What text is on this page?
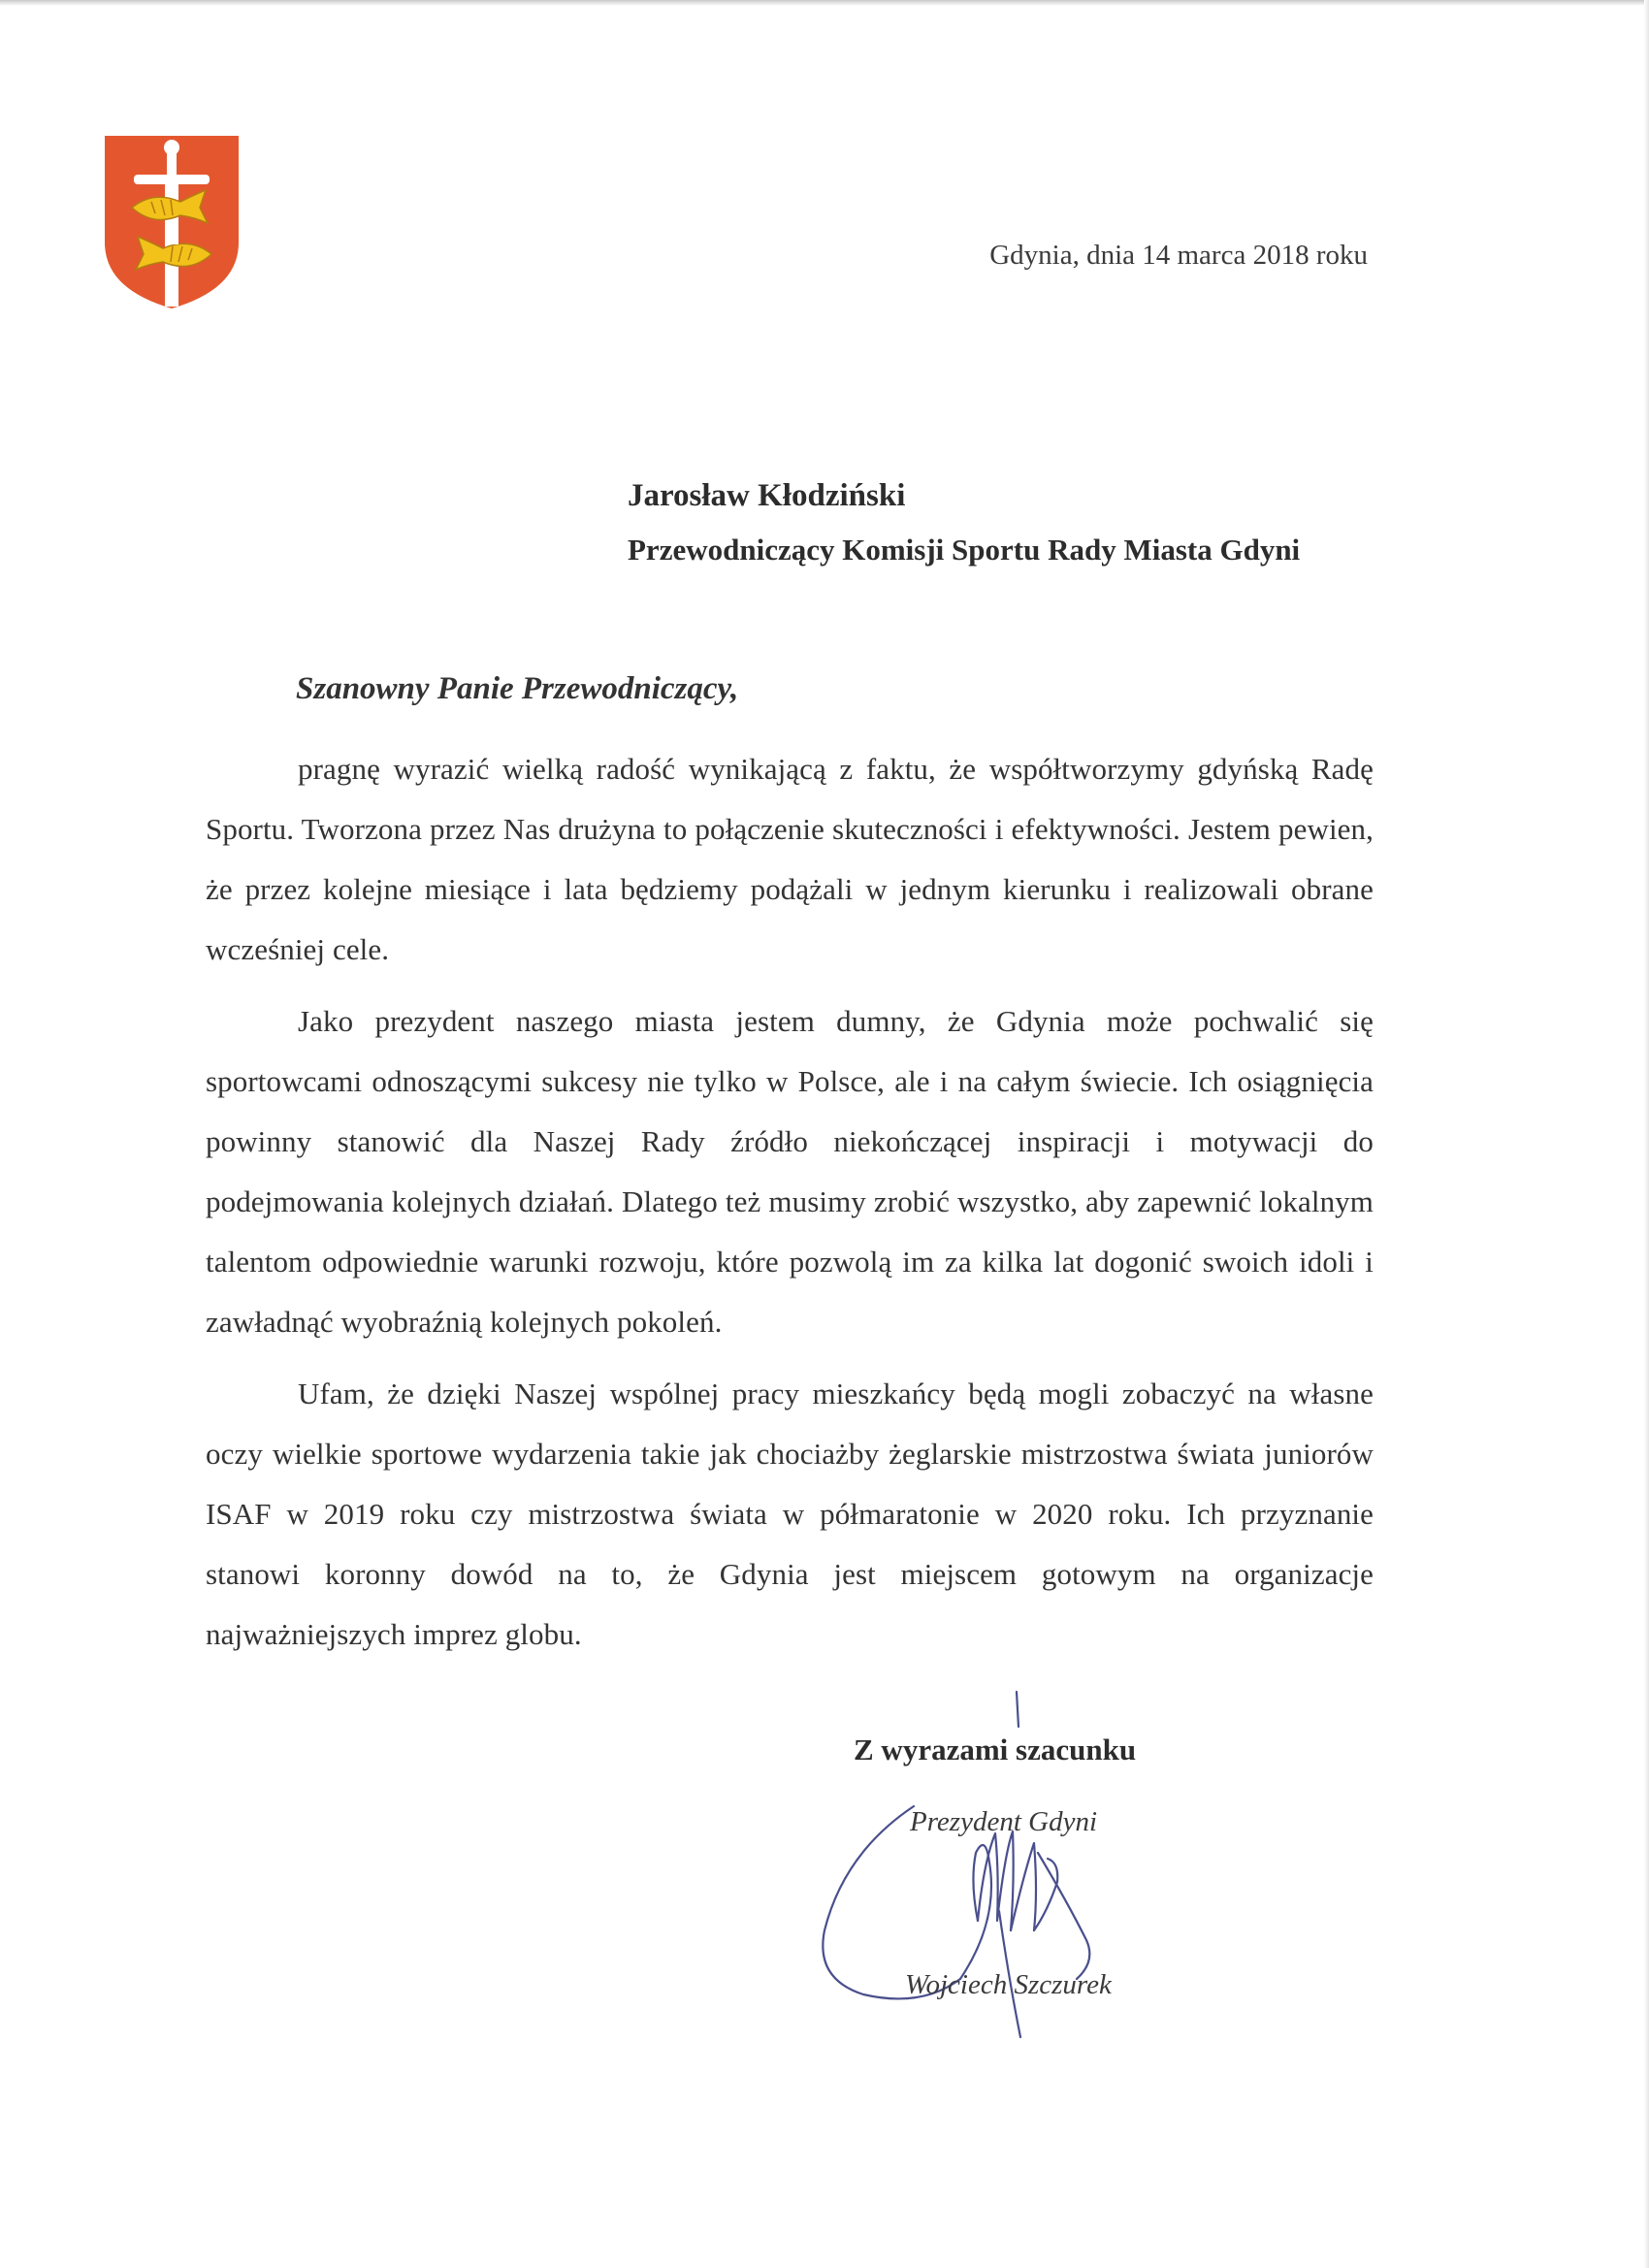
Gdynia, dnia 14 marca 2018 roku
Jarosław Kłodziński
Przewodniczący Komisji Sportu Rady Miasta Gdyni
Szanowny Panie Przewodniczący,

pragnę wyrazić wielką radość wynikającą z faktu, że współtworzymy gdyńską Radę Sportu. Tworzona przez Nas drużyna to połączenie skuteczności i efektywności. Jestem pewien, że przez kolejne miesiące i lata będziemy podążali w jednym kierunku i realizowali obrane wcześniej cele.

Jako prezydent naszego miasta jestem dumny, że Gdynia może pochwalić się sportowcami odnoszącymi sukcesy nie tylko w Polsce, ale i na całym świecie. Ich osiągnięcia powinny stanowić dla Naszej Rady źródło niekończącej inspiracji i motywacji do podejmowania kolejnych działań. Dlatego też musimy zrobić wszystko, aby zapewnić lokalnym talentom odpowiednie warunki rozwoju, które pozwolą im za kilka lat dogonić swoich idoli i zawładnąć wyobraźnią kolejnych pokoleń.

Ufam, że dzięki Naszej wspólnej pracy mieszkańcy będą mogli zobaczyć na własne oczy wielkie sportowe wydarzenia takie jak chociażby żeglarskie mistrzostwa świata juniorów ISAF w 2019 roku czy mistrzostwa świata w półmaratonie w 2020 roku. Ich przyznanie stanowi koronny dowód na to, że Gdynia jest miejscem gotowym na organizacje najważniejszych imprez globu.

Z wyrazami szacunku
Prezydent Gdyni
Wojciech Szczurek
